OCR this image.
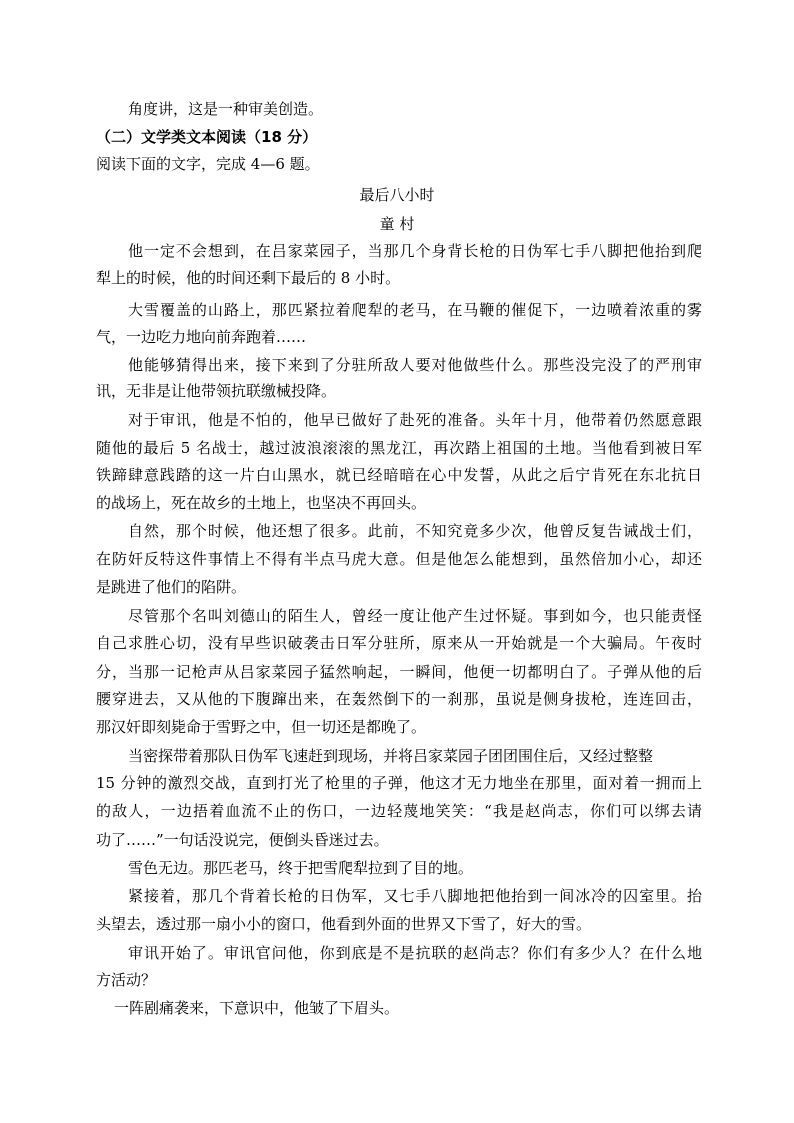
角度讲，这是一种审美创造。
（二）文学类文本阅读（18 分）
阅读下面的文字，完成 4—6 题。
最后八小时
童 村
他一定不会想到，在吕家菜园子，当那几个身背长枪的日伪军七手八脚把他抬到爬
犁上的时候，他的时间还剩下最后的 8 小时。
大雪覆盖的山路上，那匹紧拉着爬犁的老马，在马鞭的催促下，一边喷着浓重的雾
气，一边吃力地向前奔跑着……
他能够猜得出来，接下来到了分驻所敌人要对他做些什么。那些没完没了的严刑审
讯，无非是让他带领抗联缴械投降。
对于审讯，他是不怕的，他早已做好了赴死的准备。头年十月，他带着仍然愿意跟
随他的最后 5 名战士，越过波浪滚滚的黑龙江，再次踏上祖国的土地。当他看到被日军
铁蹄肆意践踏的这一片白山黑水，就已经暗暗在心中发誓，从此之后宁肯死在东北抗日
的战场上，死在故乡的土地上，也坚决不再回头。
自然，那个时候，他还想了很多。此前，不知究竟多少次，他曾反复告诫战士们，
在防奸反特这件事情上不得有半点马虎大意。但是他怎么能想到，虽然倍加小心，却还
是跳进了他们的陷阱。
尽管那个名叫刘德山的陌生人，曾经一度让他产生过怀疑。事到如今，也只能责怪
自己求胜心切，没有早些识破袭击日军分驻所，原来从一开始就是一个大骗局。午夜时
分，当那一记枪声从吕家菜园子猛然响起，一瞬间，他便一切都明白了。子弹从他的后
腰穿进去，又从他的下腹蹿出来，在轰然倒下的一刹那，虽说是侧身拔枪，连连回击，
那汉奸即刻毙命于雪野之中，但一切还是都晚了。
当密探带着那队日伪军飞速赶到现场，并将吕家菜园子团团围住后，又经过整整
15 分钟的激烈交战，直到打光了枪里的子弹，他这才无力地坐在那里，面对着一拥而上
的敌人，一边捂着血流不止的伤口，一边轻蔑地笑笑：“我是赵尚志，你们可以绑去请
功了……”一句话没说完，便倒头昏迷过去。
雪色无边。那匹老马，终于把雪爬犁拉到了目的地。
紧接着，那几个背着长枪的日伪军，又七手八脚地把他抬到一间冰冷的囚室里。抬
头望去，透过那一扇小小的窗口，他看到外面的世界又下雪了，好大的雪。
审讯开始了。审讯官问他，你到底是不是抗联的赵尚志？你们有多少人？在什么地
方活动？
一阵剧痛袭来，下意识中，他皱了下眉头。
